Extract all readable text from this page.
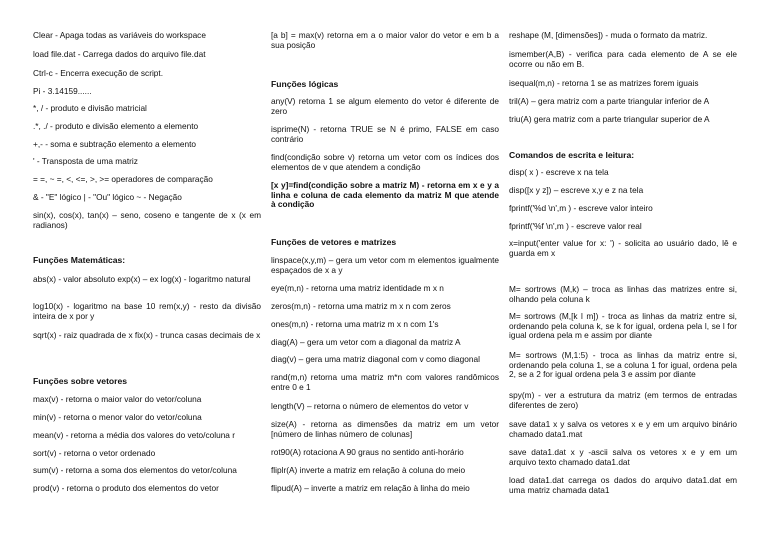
Clear - Apaga todas as variáveis do workspace
load file.dat - Carrega dados do arquivo file.dat
Ctrl-c - Encerra execução de script.
Pi - 3.14159......
*, / - produto e divisão matricial
.*, ./ - produto e divisão elemento a elemento
+,- - soma e subtração elemento a elemento
' - Transposta de uma matriz
= =, ~ =, <, <=, >, >= operadores de comparação
& - "E" lógico | - "Ou" lógico ~ - Negação
sin(x), cos(x), tan(x) – seno, coseno e tangente de x (x em radianos)
Funções Matemáticas:
abs(x) - valor absoluto exp(x) – ex log(x) - logaritmo natural
log10(x) - logaritmo na base 10 rem(x,y) - resto da divisão inteira de x por y
sqrt(x) - raiz quadrada de x fix(x) - trunca casas decimais de x
Funções sobre vetores
max(v) - retorna o maior valor do vetor/coluna
min(v) - retorna o menor valor do vetor/coluna
mean(v) - retorna a média dos valores do veto/coluna r
sort(v) - retorna o vetor ordenado
sum(v) - retorna a soma dos elementos do vetor/coluna
prod(v) - retorna o produto dos elementos do vetor
[a b] = max(v) retorna em a o maior valor do vetor e em b a sua posição
Funções lógicas
any(V) retorna 1 se algum elemento do vetor é diferente de zero
isprime(N) - retorna TRUE se N é primo, FALSE em caso contrário
find(condição sobre v) retorna um vetor com os índices dos elementos de v que atendem a condição
[x y]=find(condição sobre a matriz M) - retorna em x e y a linha e coluna de cada elemento da matriz M que atende à condição
Funções de vetores e matrizes
linspace(x,y,m) – gera um vetor com m elementos igualmente espaçados de x a y
eye(m,n) - retorna uma matriz identidade m x n
zeros(m,n) - retorna uma matriz m x n com zeros
ones(m,n) - retorna uma matriz m x n com 1's
diag(A) – gera um vetor com a diagonal da matriz A
diag(v) – gera uma matriz diagonal com v como diagonal
rand(m,n) retorna uma matriz m*n com valores randômicos entre 0 e 1
length(V) – retorna o número de elementos do vetor v
size(A) - retorna as dimensões da matriz em um vetor [número de linhas número de colunas]
rot90(A) rotaciona A 90 graus no sentido anti-horário
fliplr(A) inverte a matriz em relação à coluna do meio
flipud(A) – inverte a matriz em relação à linha do meio
reshape (M, [dimensões]) - muda o formato da matriz.
ismember(A,B) - verifica para cada elemento de A se ele ocorre ou não em B.
isequal(m,n) - retorna 1 se as matrizes forem iguais
tril(A) – gera matriz com a parte triangular inferior de A
triu(A) gera matriz com a parte triangular superior de A
Comandos de escrita e leitura:
disp( x ) - escreve x na tela
disp([x y z]) – escreve x,y e z na tela
fprintf('%d \n',m ) - escreve valor inteiro
fprintf('%f \n',m ) - escreve valor real
x=input('enter value for x: ') - solicita ao usuário dado, lê e guarda em x
M= sortrows (M,k) – troca as linhas das matrizes entre si, olhando pela coluna k
M= sortrows (M,[k l m]) - troca as linhas da matriz entre si, ordenando pela coluna k, se k for igual, ordena pela l, se l for igual ordena pela m e assim por diante
M= sortrows (M,1:5) - troca as linhas da matriz entre si, ordenando pela coluna 1, se a coluna 1 for igual, ordena pela 2, se a 2 for igual ordena pela 3 e assim por diante
spy(m) - ver a estrutura da matriz (em termos de entradas diferentes de zero)
save data1 x y salva os vetores x e y em um arquivo binário chamado data1.mat
save data1.dat x y -ascii salva os vetores x e y em um arquivo texto chamado data1.dat
load data1.dat carrega os dados do arquivo data1.dat em uma matriz chamada data1
